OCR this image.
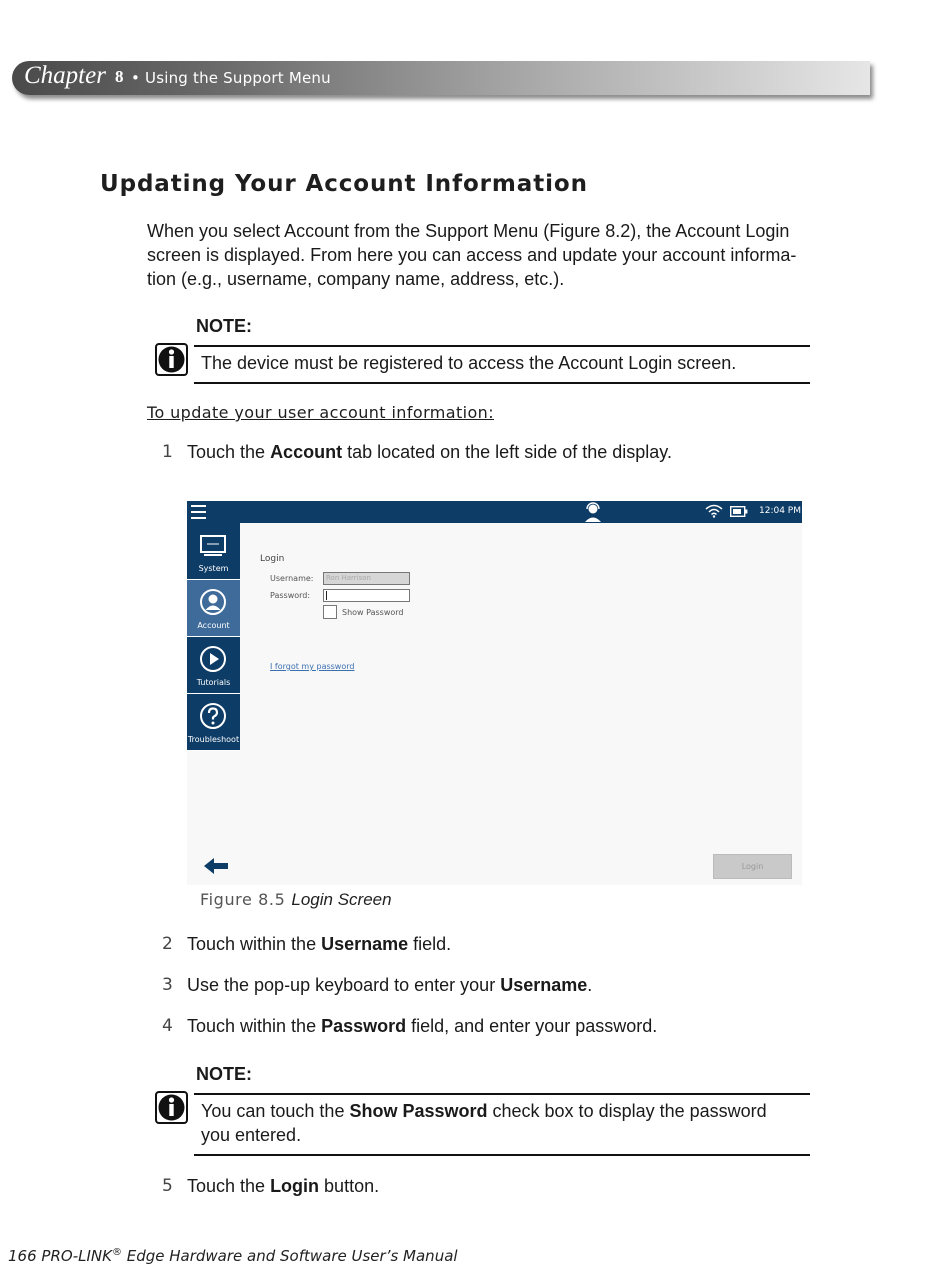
Chapter 8 • Using the Support Menu
Updating Your Account Information
When you select Account from the Support Menu (Figure 8.2), the Account Login
screen is displayed. From here you can access and update your account informa-
tion (e.g., username, company name, address, etc.).
NOTE:
The device must be registered to access the Account Login screen.
To update your user account information:
1 Touch the Account tab located on the left side of the display.
12:04 PM
System
Account
Tutorials
Troubleshoot
Login
Username:	Ron Harrison
Password:
Show Password
I forgot my password
Login
Figure 8.5 Login Screen
2 Touch within the Username field.
3 Use the pop-up keyboard to enter your Username.
4 Touch within the Password field, and enter your password.
NOTE:
You can touch the Show Password check box to display the password
you entered.
5 Touch the Login button.
166 PRO-LINK® Edge Hardware and Software User’s Manual
